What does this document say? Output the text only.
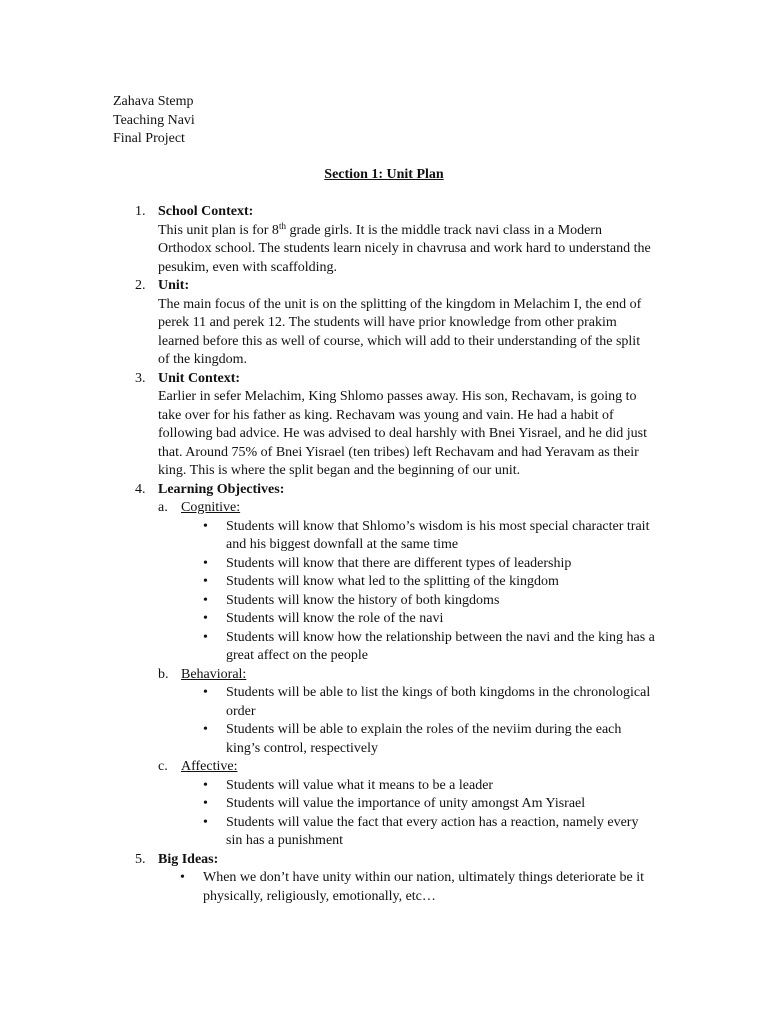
Zahava Stemp
Teaching Navi
Final Project
Section 1: Unit Plan
1. School Context:
This unit plan is for 8th grade girls. It is the middle track navi class in a Modern Orthodox school. The students learn nicely in chavrusa and work hard to understand the pesukim, even with scaffolding.
2. Unit:
The main focus of the unit is on the splitting of the kingdom in Melachim I, the end of perek 11 and perek 12. The students will have prior knowledge from other prakim learned before this as well of course, which will add to their understanding of the split of the kingdom.
3. Unit Context:
Earlier in sefer Melachim, King Shlomo passes away. His son, Rechavam, is going to take over for his father as king. Rechavam was young and vain. He had a habit of following bad advice. He was advised to deal harshly with Bnei Yisrael, and he did just that. Around 75% of Bnei Yisrael (ten tribes) left Rechavam and had Yeravam as their king. This is where the split began and the beginning of our unit.
4. Learning Objectives:
a. Cognitive:
•	Students will know that Shlomo’s wisdom is his most special character trait and his biggest downfall at the same time
•	Students will know that there are different types of leadership
•	Students will know what led to the splitting of the kingdom
•	Students will know the history of both kingdoms
•	Students will know the role of the navi
•	Students will know how the relationship between the navi and the king has a great affect on the people
b. Behavioral:
•	Students will be able to list the kings of both kingdoms in the chronological order
•	Students will be able to explain the roles of the neviim during the each king’s control, respectively
c. Affective:
•	Students will value what it means to be a leader
•	Students will value the importance of unity amongst Am Yisrael
•	Students will value the fact that every action has a reaction, namely every sin has a punishment
5. Big Ideas:
•	When we don’t have unity within our nation, ultimately things deteriorate be it physically, religiously, emotionally, etc…
